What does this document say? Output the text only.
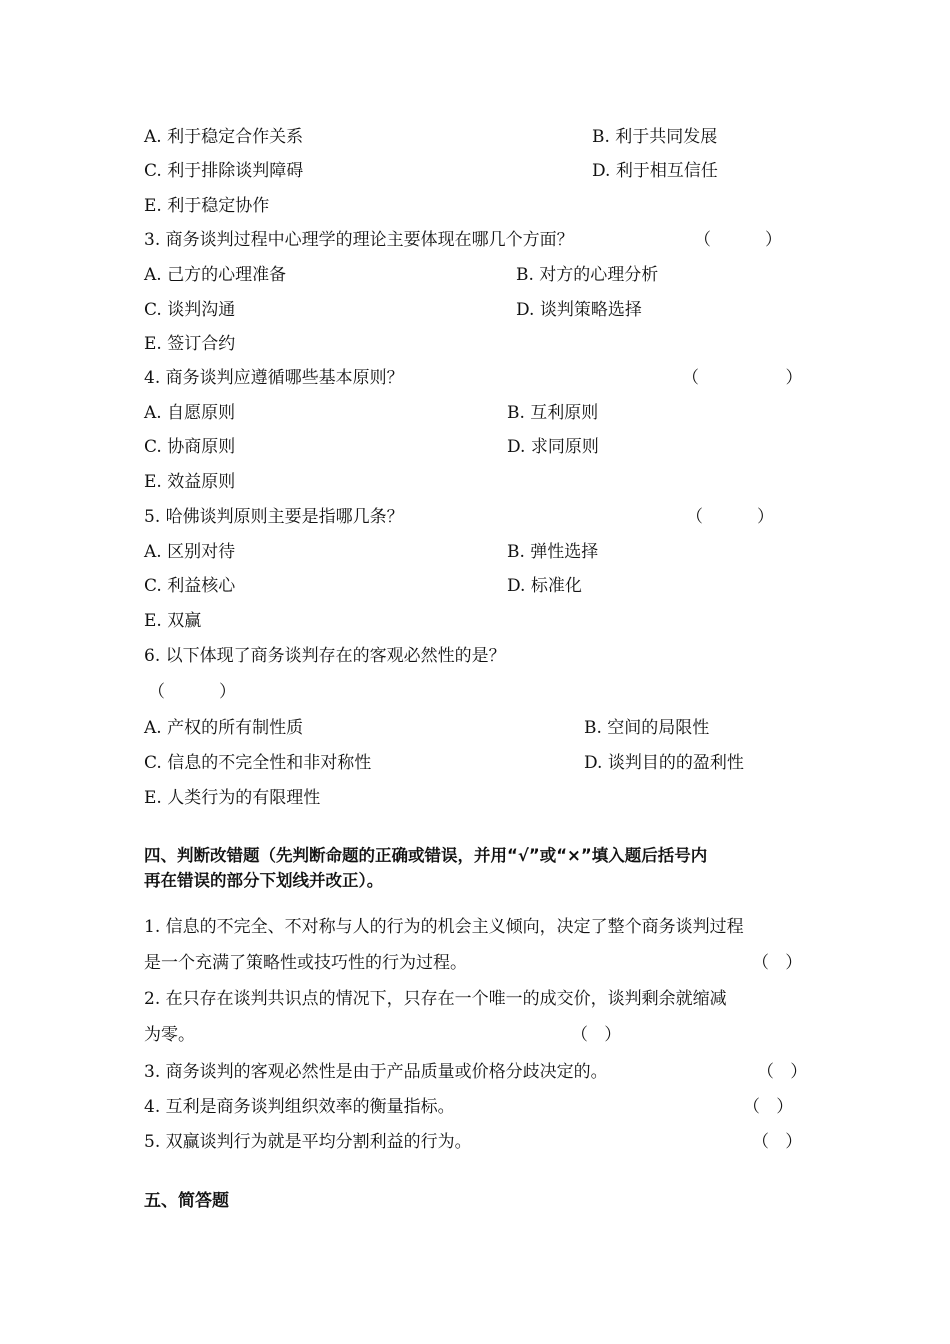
A. 利于稳定合作关系	B. 利于共同发展
C. 利于排除谈判障碍	D. 利于相互信任
E. 利于稳定协作
3. 商务谈判过程中心理学的理论主要体现在哪几个方面？	（          ）
A. 己方的心理准备	B. 对方的心理分析
C. 谈判沟通	D. 谈判策略选择
E. 签订合约
4. 商务谈判应遵循哪些基本原则？	（                ）
A. 自愿原则	B. 互利原则
C. 协商原则	D. 求同原则
E. 效益原则
5. 哈佛谈判原则主要是指哪几条？	（          ）
A. 区别对待	B. 弹性选择
C. 利益核心	D. 标准化
E. 双赢
6. 以下体现了商务谈判存在的客观必然性的是？
（          ）
A. 产权的所有制性质	B. 空间的局限性
C. 信息的不完全性和非对称性	D. 谈判目的的盈利性
E. 人类行为的有限理性
四、判断改错题（先判断命题的正确或错误，并用“√”或“×”填入题后括号内
再在错误的部分下划线并改正）。
1. 信息的不完全、不对称与人的行为的机会主义倾向，决定了整个商务谈判过程
是一个充满了策略性或技巧性的行为过程。	（   ）
2. 在只存在谈判共识点的情况下，只存在一个唯一的成交价，谈判剩余就缩减
为零。	（   ）
3. 商务谈判的客观必然性是由于产品质量或价格分歧决定的。	（   ）
4. 互利是商务谈判组织效率的衡量指标。	（   ）
5. 双赢谈判行为就是平均分割利益的行为。	（   ）
五、简答题
